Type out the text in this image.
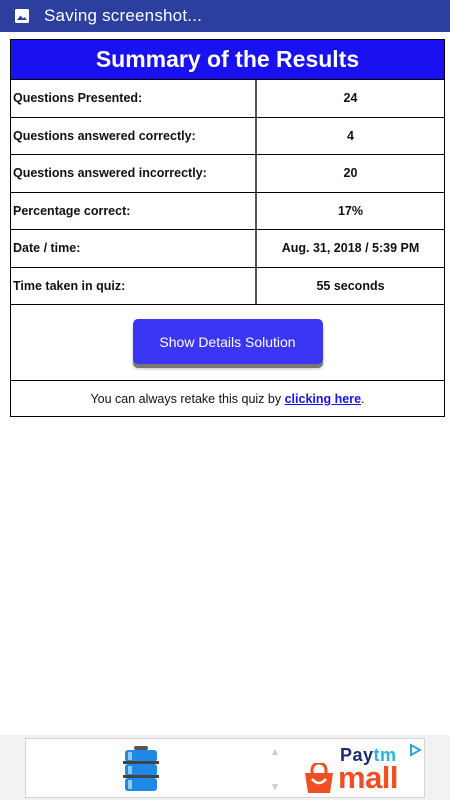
Saving screenshot...
Summary of the Results
Questions Presented:	24
Questions answered correctly:	4
Questions answered incorrectly:	20
Percentage correct:	17%
Date / time:	Aug. 31, 2018 / 5:39 PM
Time taken in quiz:	55 seconds
Show Details Solution
You can always retake this quiz by
clicking here .
▲
▼
Paytm
mall
